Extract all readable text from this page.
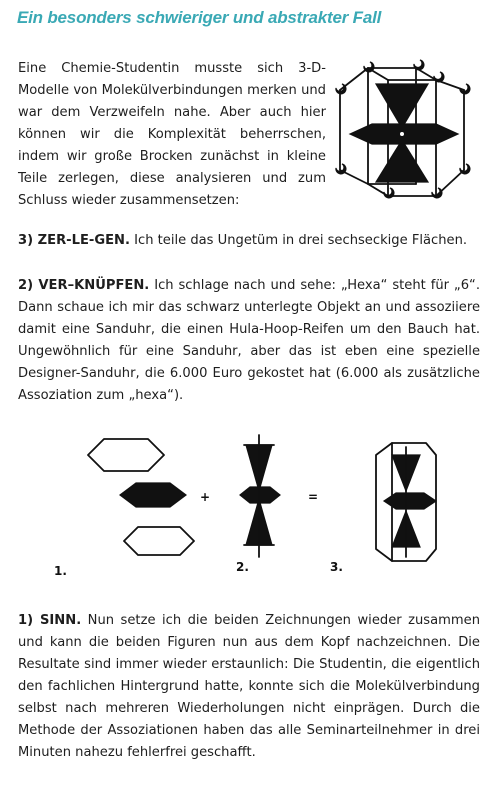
Ein besonders schwieriger und abstrakter Fall

Eine Chemie-Studentin musste sich 3-D-Modelle von Molekülverbindungen merken und war dem Verzweifeln nahe. Aber auch hier können wir die Komplexität beherrschen, indem wir große Brocken zunächst in kleine Teile zerlegen, diese analysieren und zum Schluss wieder zusammensetzen:

3) ZER-LE-GEN. Ich teile das Ungetüm in drei sechseckige Flächen.

2) VER–KNÜPFEN. Ich schlage nach und sehe: „Hexa“ steht für „6“. Dann schaue ich mir das schwarz unterlegte Objekt an und assoziiere damit eine Sanduhr, die einen Hula-Hoop-Reifen um den Bauch hat. Ungewöhnlich für eine Sanduhr, aber das ist eben eine spezielle Designer-Sanduhr, die 6.000 Euro gekostet hat (6.000 als zusätzliche Assoziation zum „hexa“).

+	=
1.	2.	3.

1) SINN. Nun setze ich die beiden Zeichnungen wieder zusammen und kann die beiden Figuren nun aus dem Kopf nachzeichnen. Die Resultate sind immer wieder erstaunlich: Die Studentin, die eigentlich den fachlichen Hintergrund hatte, konnte sich die Molekülverbindung selbst nach mehreren Wiederholungen nicht einprägen. Durch die Methode der Assoziationen haben das alle Seminarteilnehmer in drei Minuten nahezu fehlerfrei geschafft.
